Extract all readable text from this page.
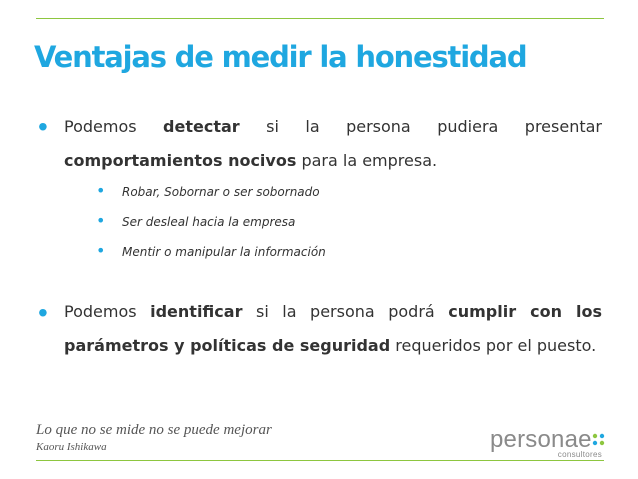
Ventajas de medir la honestidad
• Podemos detectar si la persona pudiera presentar comportamientos nocivos para la empresa.
• Robar, Sobornar o ser sobornado
• Ser desleal hacia la empresa
• Mentir o manipular la información
• Podemos identificar si la persona podrá cumplir con los parámetros y políticas de seguridad requeridos por el puesto.
Lo que no se mide no se puede mejorar
Kaoru Ishikawa	personae
consultores
